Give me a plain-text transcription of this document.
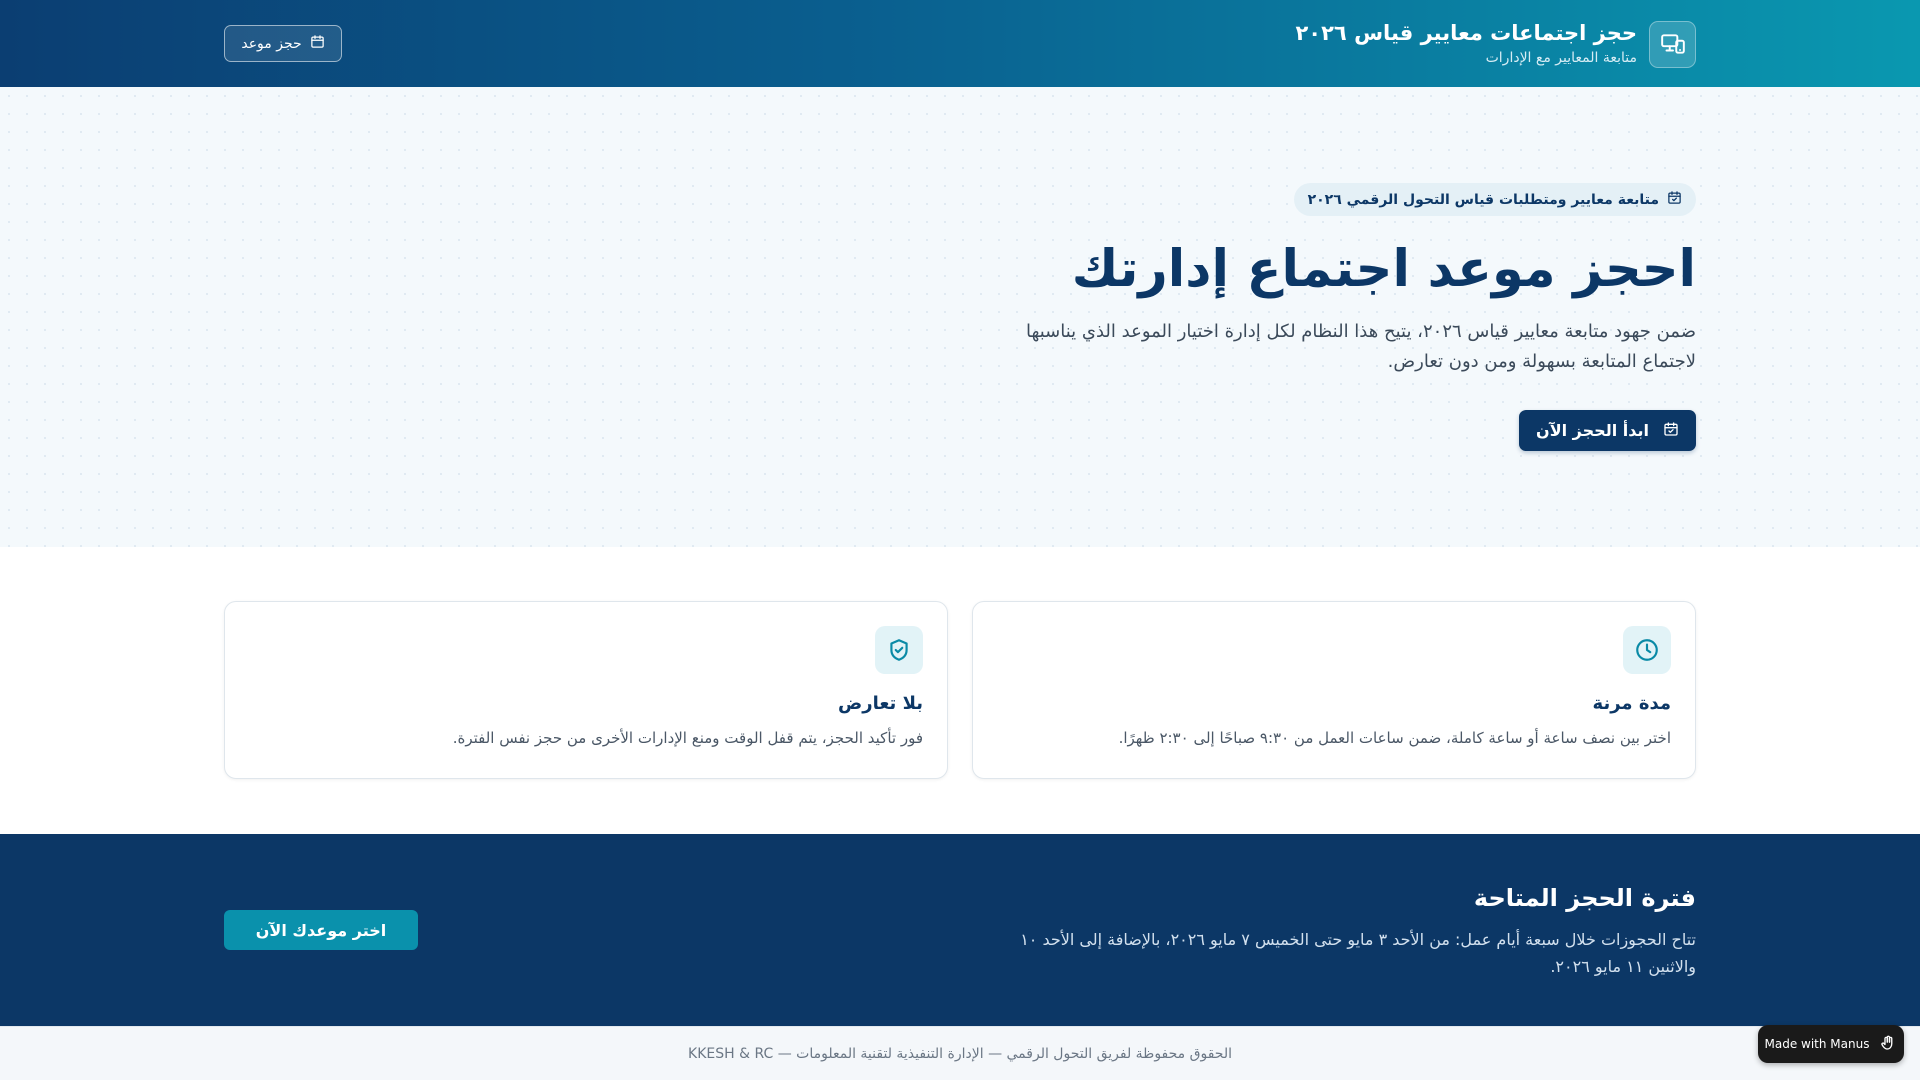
حجز اجتماعات معايير قياس ٢٠٢٦
متابعة المعايير مع الإدارات
حجز موعد
متابعة معايير ومتطلبات قياس التحول الرقمي ٢٠٢٦
احجز موعد اجتماع إدارتك

ضمن جهود متابعة معايير قياس ٢٠٢٦، يتيح هذا النظام لكل إدارة اختيار الموعد الذي يناسبها لاجتماع المتابعة بسهولة ومن دون تعارض.

ابدأ الحجز الآن
مدة مرنة
اختر بين نصف ساعة أو ساعة كاملة، ضمن ساعات العمل من ٩:٣٠ صباحًا إلى ٢:٣٠ ظهرًا.
بلا تعارض
فور تأكيد الحجز، يتم قفل الوقت ومنع الإدارات الأخرى من حجز نفس الفترة.
فترة الحجز المتاحة

تتاح الحجوزات خلال سبعة أيام عمل: من الأحد ٣ مايو حتى الخميس ٧ مايو ٢٠٢٦، بالإضافة إلى الأحد ١٠ والاثنين ١١ مايو ٢٠٢٦.

اختر موعدك الآن
الحقوق محفوظة لفريق التحول الرقمي — الإدارة التنفيذية لتقنية المعلومات — KKESH & RC
Made with Manus
